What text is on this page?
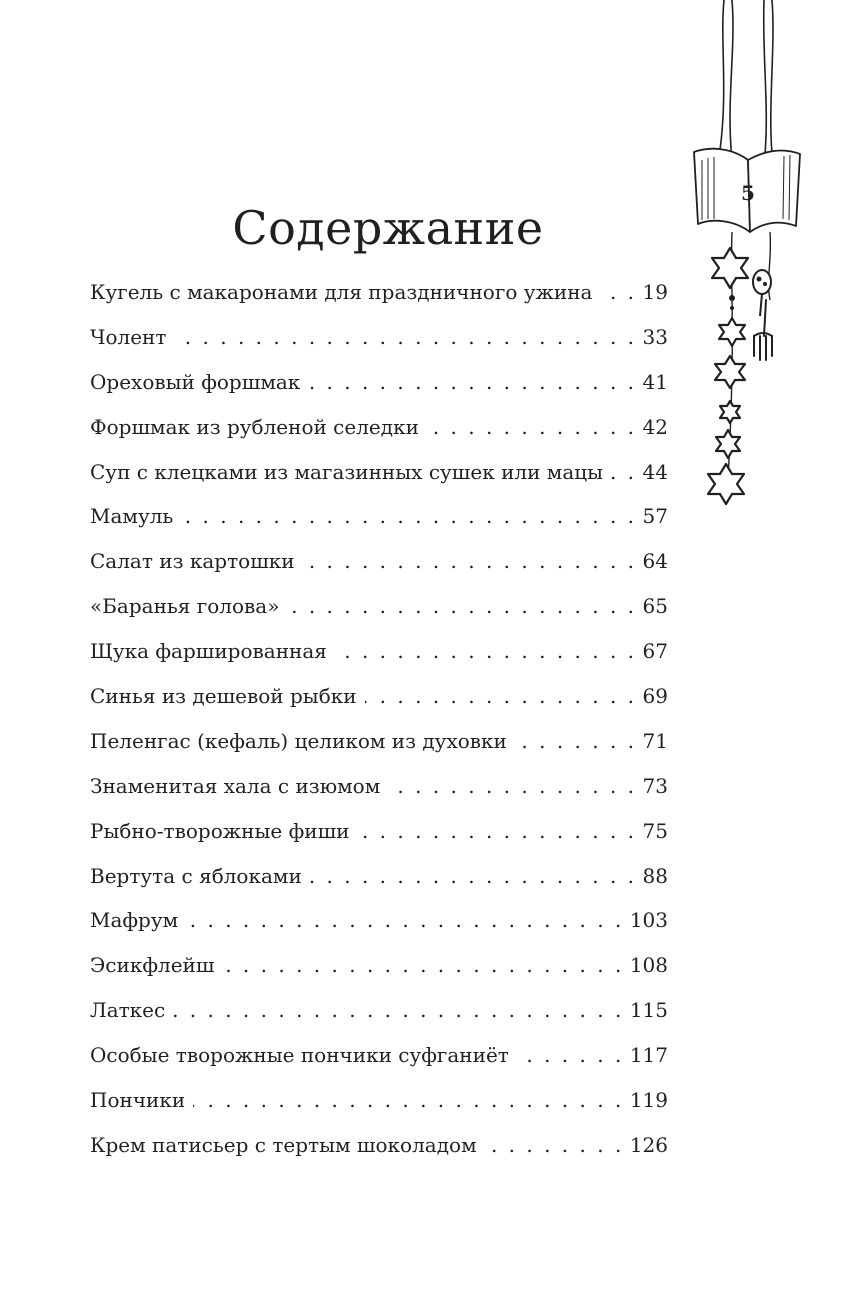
5
Содержание
Кугель с макаронами для праздничного ужина . . .	19
Чолент . . .	33
Ореховый форшмак . . .	41
Форшмак из рубленой селедки . . .	42
Суп с клецками из магазинных сушек или мацы . . .	44
Мамуль . . .	57
Салат из картошки . . .	64
«Баранья голова» . . .	65
Щука фаршированная . . .	67
Синья из дешевой рыбки . . .	69
Пеленгас (кефаль) целиком из духовки . . .	71
Знаменитая хала с изюмом . . .	73
Рыбно-творожные фиши . . .	75
Вертута с яблоками . . .	88
Мафрум . . .	103
Эсикфлейш . . .	108
Латкес . . .	115
Особые творожные пончики суфганиёт . . .	117
Пончики . . .	119
Крем патисьер с тертым шоколадом . . .	126
